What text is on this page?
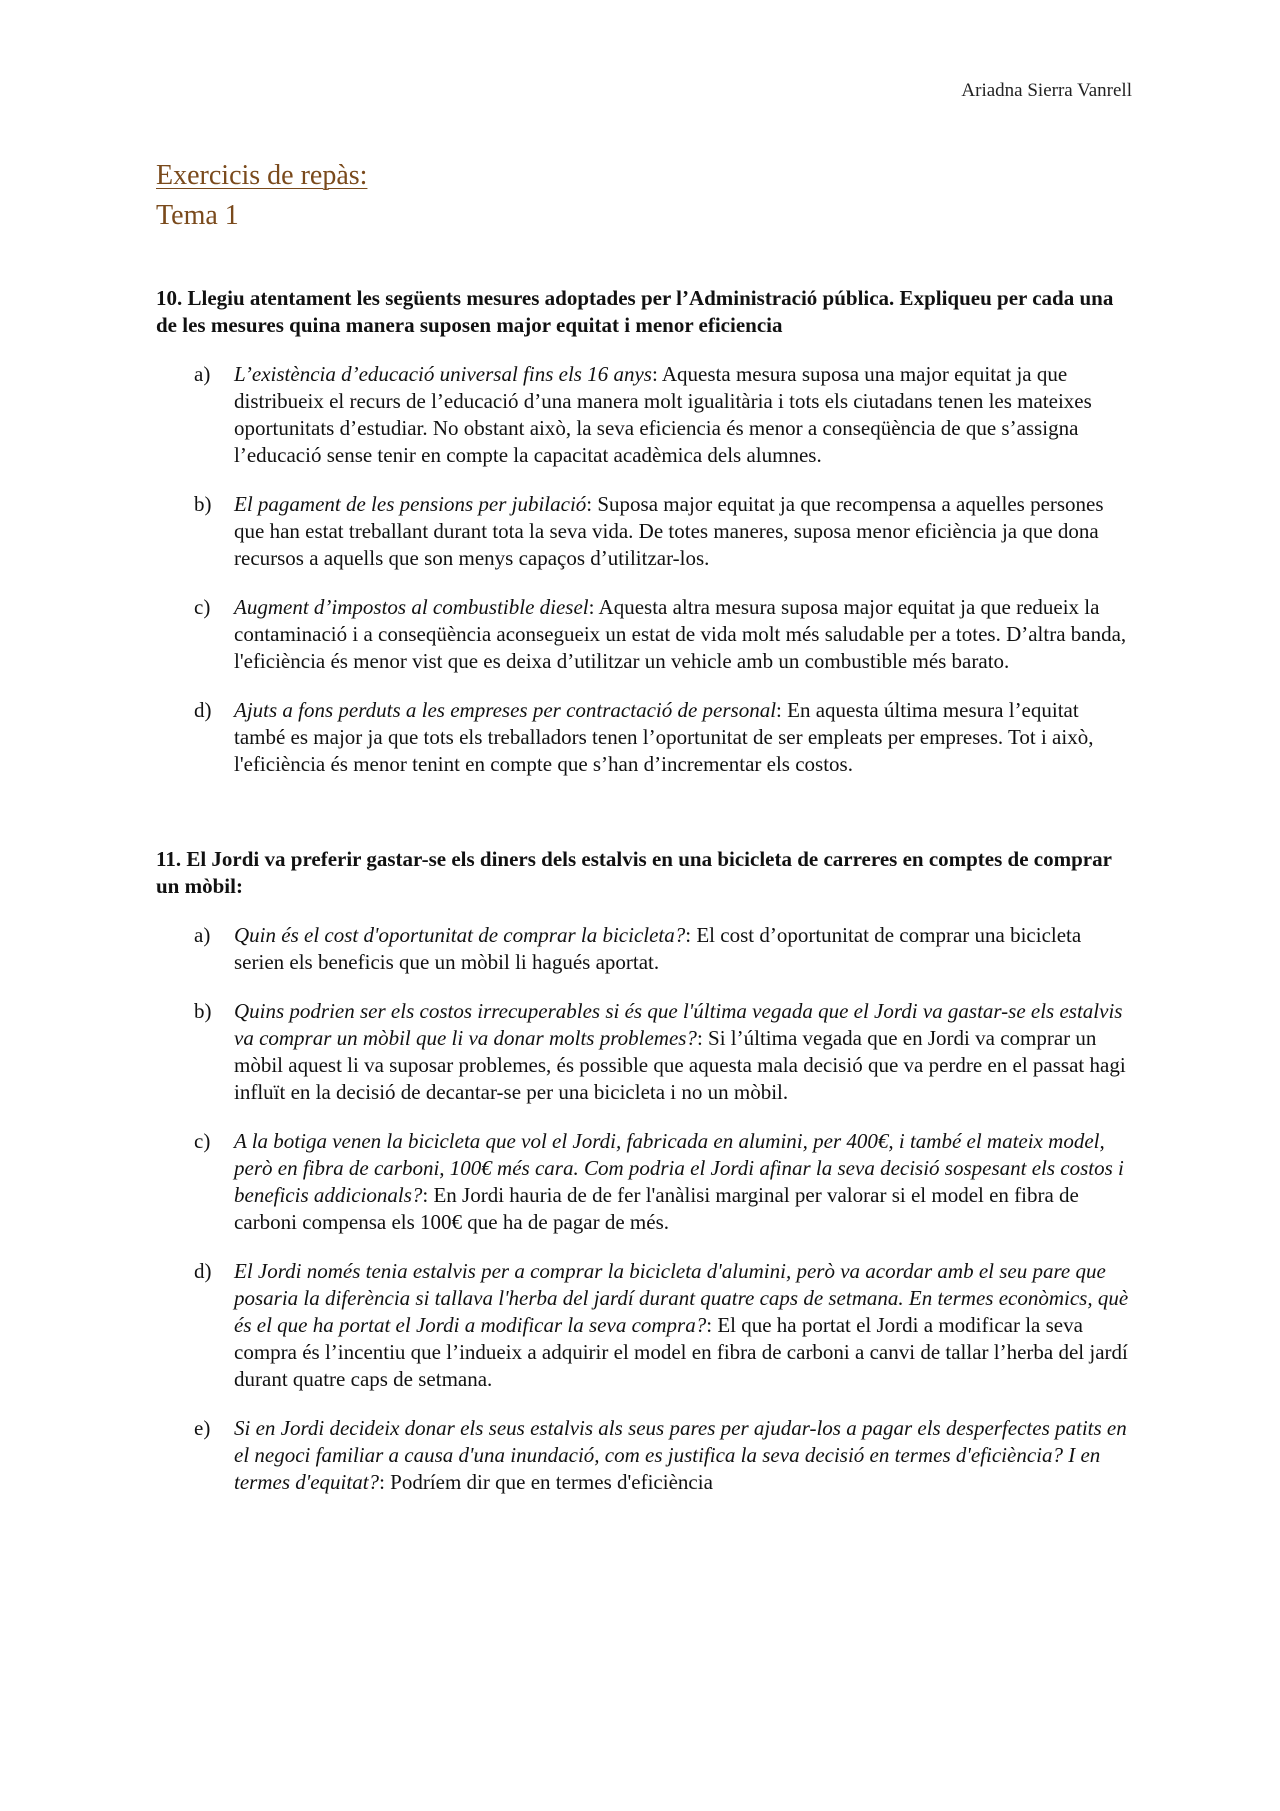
Ariadna Sierra Vanrell
Exercicis de repàs:
Tema 1
10. Llegiu atentament les següents mesures adoptades per l’Administració pública. Expliqueu per cada una de les mesures quina manera suposen major equitat i menor eficiencia
a)	L’existència d’educació universal fins els 16 anys: Aquesta mesura suposa una major equitat ja que distribueix el recurs de l’educació d’una manera molt igualitària i tots els ciutadans tenen les mateixes oportunitats d’estudiar. No obstant això, la seva eficiencia és menor a conseqüència de que s’assigna l’educació sense tenir en compte la capacitat acadèmica dels alumnes.
b)	El pagament de les pensions per jubilació: Suposa major equitat ja que recompensa a aquelles persones que han estat treballant durant tota la seva vida. De totes maneres, suposa menor eficiència ja que dona recursos a aquells que son menys capaços d’utilitzar-los.
c)	Augment d’impostos al combustible diesel: Aquesta altra mesura suposa major equitat ja que redueix la contaminació i a conseqüència aconsegueix un estat de vida molt més saludable per a totes. D’altra banda, l'eficiència és menor vist que es deixa d’utilitzar un vehicle amb un combustible més barato.
d)	Ajuts a fons perduts a les empreses per contractació de personal: En aquesta última mesura l’equitat també es major ja que tots els treballadors tenen l’oportunitat de ser empleats per empreses. Tot i això, l'eficiència és menor tenint en compte que s’han d’incrementar els costos.
11. El Jordi va preferir gastar-se els diners dels estalvis en una bicicleta de carreres en comptes de comprar un mòbil:
a)	Quin és el cost d'oportunitat de comprar la bicicleta?: El cost d’oportunitat de comprar una bicicleta serien els beneficis que un mòbil li hagués aportat.
b)	Quins podrien ser els costos irrecuperables si és que l'última vegada que el Jordi va gastar-se els estalvis va comprar un mòbil que li va donar molts problemes?: Si l’última vegada que en Jordi va comprar un mòbil aquest li va suposar problemes, és possible que aquesta mala decisió que va perdre en el passat hagi influït en la decisió de decantar-se per una bicicleta i no un mòbil.
c)	A la botiga venen la bicicleta que vol el Jordi, fabricada en alumini, per 400€, i també el mateix model, però en fibra de carboni, 100€ més cara. Com podria el Jordi afinar la seva decisió sospesant els costos i beneficis addicionals?: En Jordi hauria de de fer l'anàlisi marginal per valorar si el model en fibra de carboni compensa els 100€ que ha de pagar de més.
d)	El Jordi només tenia estalvis per a comprar la bicicleta d'alumini, però va acordar amb el seu pare que posaria la diferència si tallava l'herba del jardí durant quatre caps de setmana. En termes econòmics, què és el que ha portat el Jordi a modificar la seva compra?: El que ha portat el Jordi a modificar la seva compra és l’incentiu que l’indueix a adquirir el model en fibra de carboni a canvi de tallar l’herba del jardí durant quatre caps de setmana.
e)	Si en Jordi decideix donar els seus estalvis als seus pares per ajudar-los a pagar els desperfectes patits en el negoci familiar a causa d'una inundació, com es justifica la seva decisió en termes d'eficiència? I en termes d'equitat?: Podríem dir que en termes d'eficiència
